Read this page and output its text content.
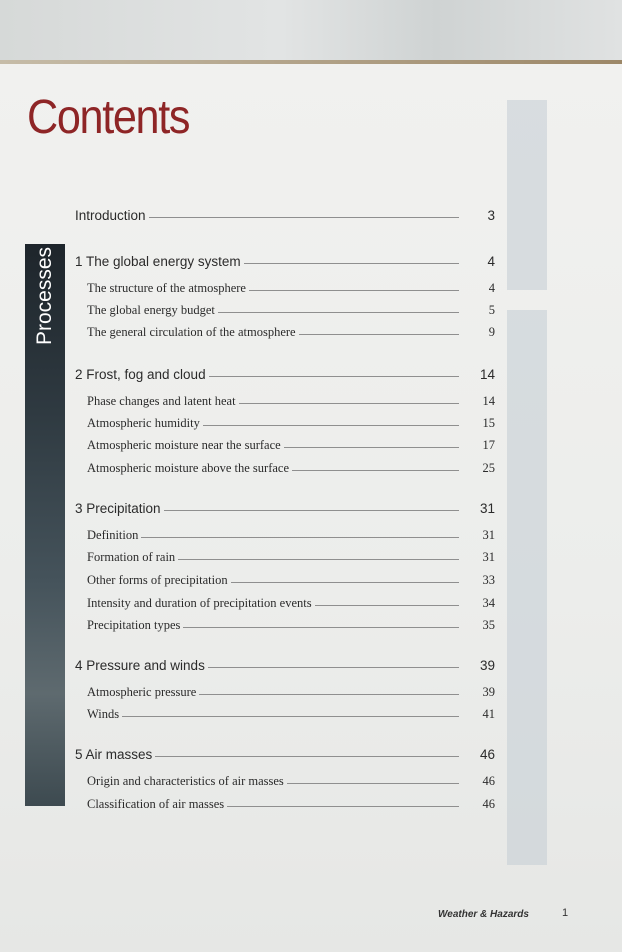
Contents
Processes
Introduction	3
1 The global energy system	4
The structure of the atmosphere	4
The global energy budget	5
The general circulation of the atmosphere	9
2 Frost, fog and cloud	14
Phase changes and latent heat	14
Atmospheric humidity	15
Atmospheric moisture near the surface	17
Atmospheric moisture above the surface	25
3 Precipitation	31
Definition	31
Formation of rain	31
Other forms of precipitation	33
Intensity and duration of precipitation events	34
Precipitation types	35
4 Pressure and winds	39
Atmospheric pressure	39
Winds	41
5 Air masses	46
Origin and characteristics of air masses	46
Classification of air masses	46
Weather & Hazards	1
